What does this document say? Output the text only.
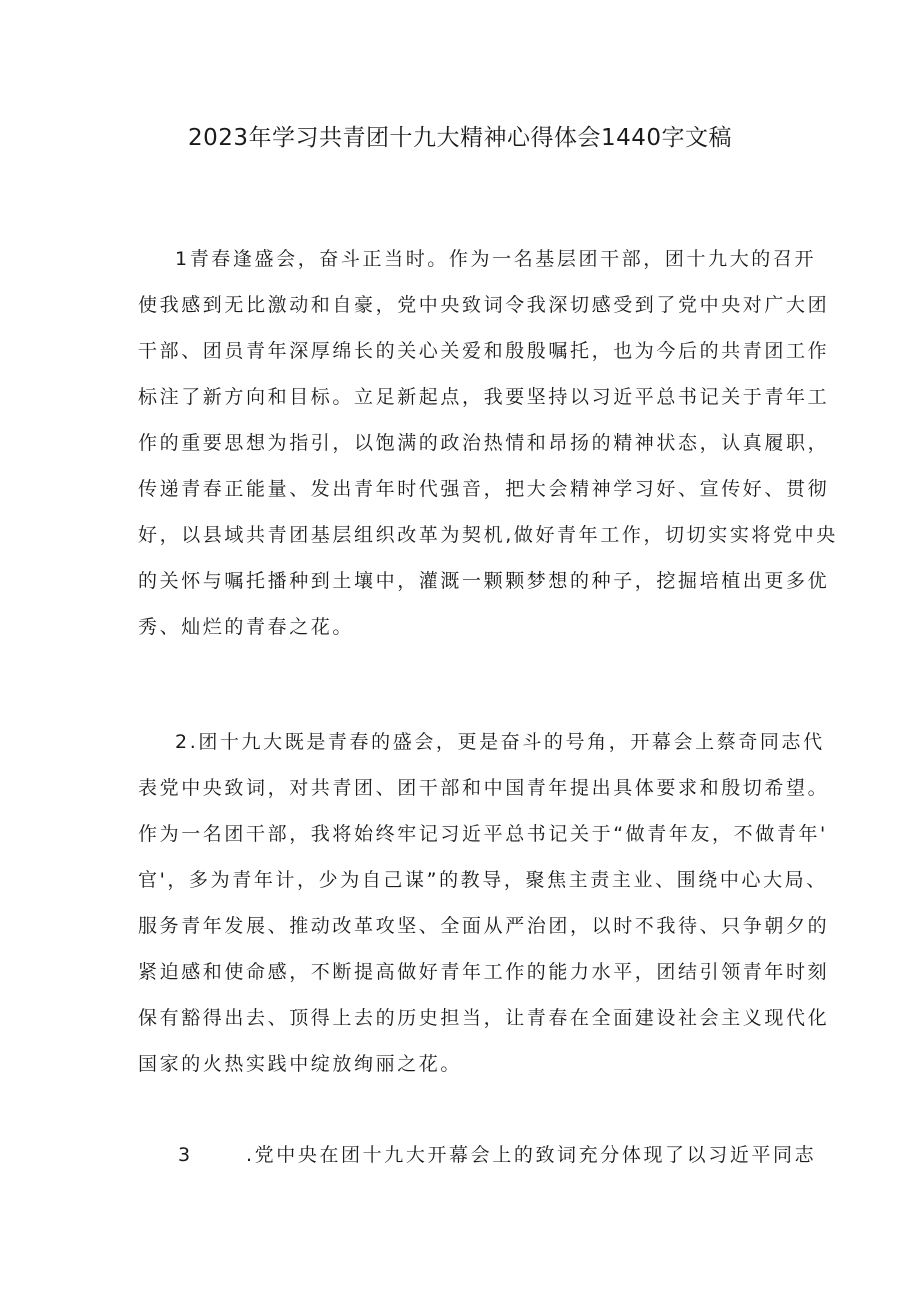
2023年学习共青团十九大精神心得体会1440字文稿
1青春逢盛会，奋斗正当时。作为一名基层团干部，团十九大的召开
使我感到无比激动和自豪，党中央致词令我深切感受到了党中央对广大团
干部、团员青年深厚绵长的关心关爱和殷殷嘱托，也为今后的共青团工作
标注了新方向和目标。立足新起点，我要坚持以习近平总书记关于青年工
作的重要思想为指引，以饱满的政治热情和昂扬的精神状态，认真履职，
传递青春正能量、发出青年时代强音，把大会精神学习好、宣传好、贯彻
好，以县域共青团基层组织改革为契机,做好青年工作，切切实实将党中央
的关怀与嘱托播种到土壤中，灌溉一颗颗梦想的种子，挖掘培植出更多优
秀、灿烂的青春之花。
2.团十九大既是青春的盛会，更是奋斗的号角，开幕会上蔡奇同志代
表党中央致词，对共青团、团干部和中国青年提出具体要求和殷切希望。
作为一名团干部，我将始终牢记习近平总书记关于“做青年友，不做青年'
官'，多为青年计，少为自己谋”的教导，聚焦主责主业、围绕中心大局、
服务青年发展、推动改革攻坚、全面从严治团，以时不我待、只争朝夕的
紧迫感和使命感，不断提高做好青年工作的能力水平，团结引领青年时刻
保有豁得出去、顶得上去的历史担当，让青春在全面建设社会主义现代化
国家的火热实践中绽放绚丽之花。
3	.党中央在团十九大开幕会上的致词充分体现了以习近平同志
